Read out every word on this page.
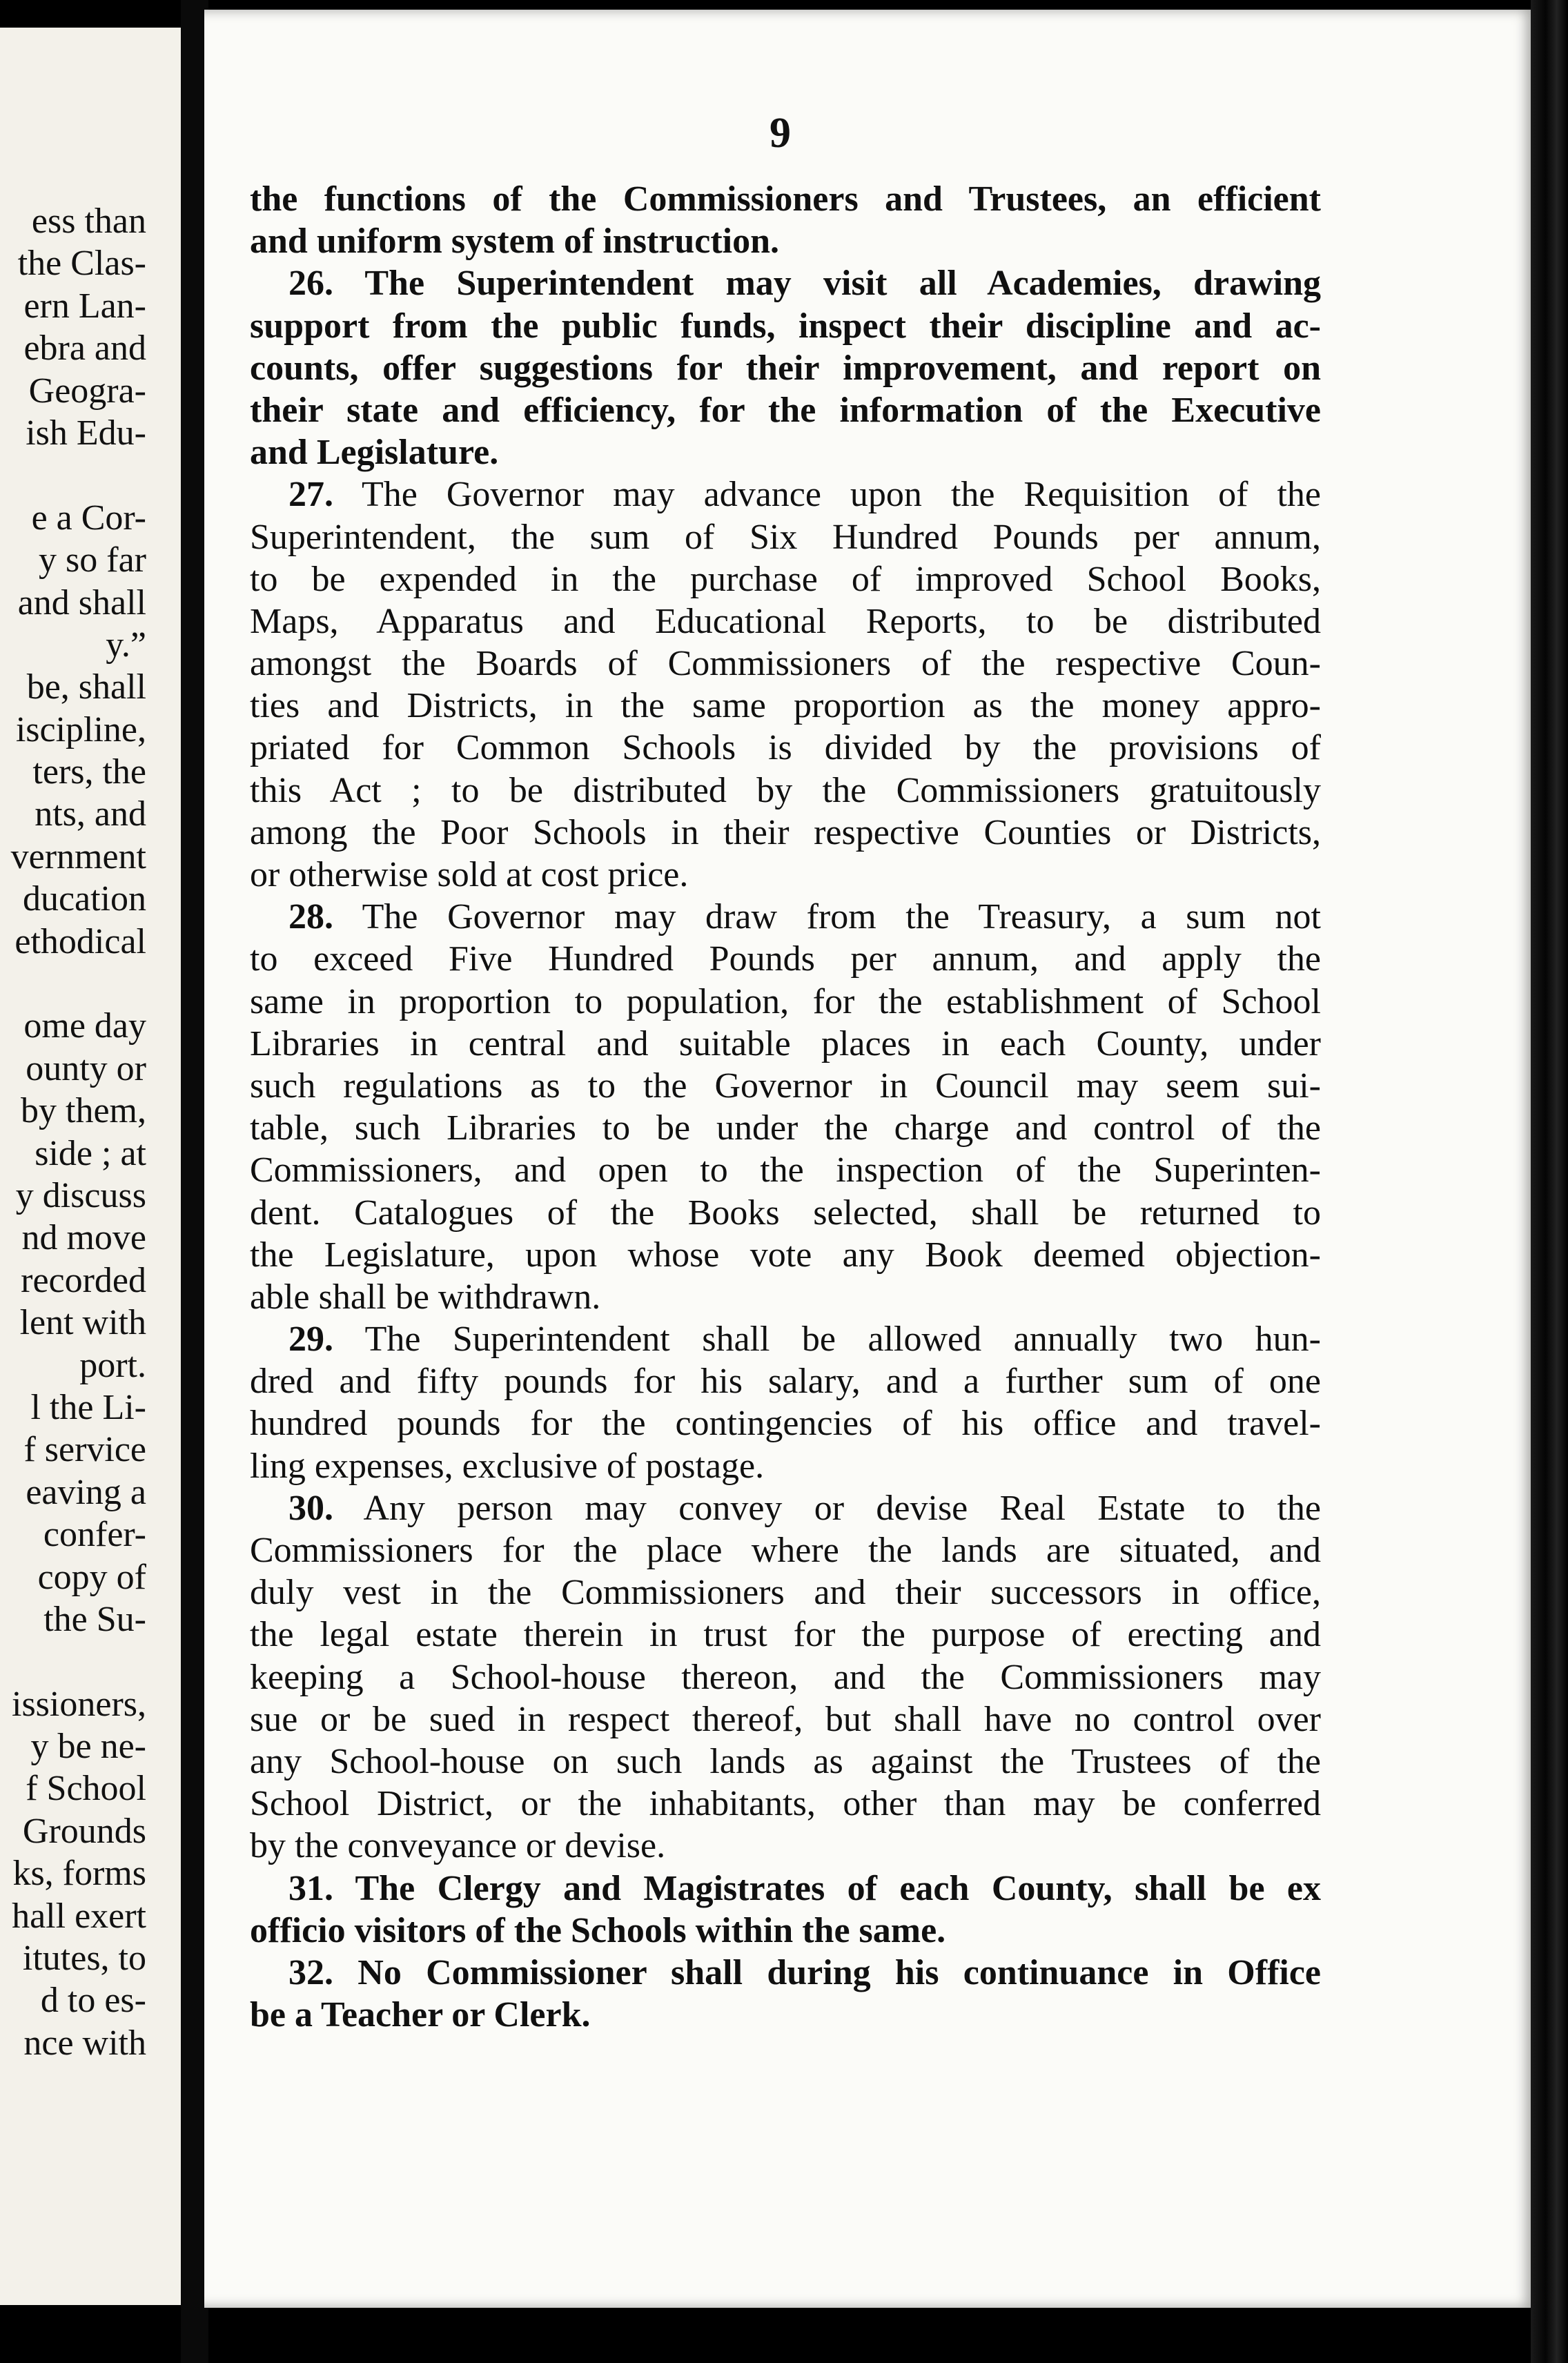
ess than
the Clas-
ern Lan-
ebra and
Geogra-
ish Edu-
e a Cor-
y so far
and shall
y.”
be, shall
iscipline,
ters, the
nts, and
vernment
ducation
ethodical
ome day
ounty or
by them,
side ; at
y discuss
nd move
recorded
lent with
port.
l the Li-
f service
eaving a
confer-
copy of
the Su-
issioners,
y be ne-
f School
Grounds
ks, forms
hall exert
itutes, to
d to es-
nce with
9
the functions of the Commissioners and Trustees, an efficient
and uniform system of instruction.
26. The Superintendent may visit all Academies, drawing
support from the public funds, inspect their discipline and ac-
counts, offer suggestions for their improvement, and report on
their state and efficiency, for the information of the Executive
and Legislature.
27. The Governor may advance upon the Requisition of the
Superintendent, the sum of Six Hundred Pounds per annum,
to be expended in the purchase of improved School Books,
Maps, Apparatus and Educational Reports, to be distributed
amongst the Boards of Commissioners of the respective Coun-
ties and Districts, in the same proportion as the money appro-
priated for Common Schools is divided by the provisions of
this Act ; to be distributed by the Commissioners gratuitously
among the Poor Schools in their respective Counties or Districts,
or otherwise sold at cost price.
28. The Governor may draw from the Treasury, a sum not
to exceed Five Hundred Pounds per annum, and apply the
same in proportion to population, for the establishment of School
Libraries in central and suitable places in each County, under
such regulations as to the Governor in Council may seem sui-
table, such Libraries to be under the charge and control of the
Commissioners, and open to the inspection of the Superinten-
dent. Catalogues of the Books selected, shall be returned to
the Legislature, upon whose vote any Book deemed objection-
able shall be withdrawn.
29. The Superintendent shall be allowed annually two hun-
dred and fifty pounds for his salary, and a further sum of one
hundred pounds for the contingencies of his office and travel-
ling expenses, exclusive of postage.
30. Any person may convey or devise Real Estate to the
Commissioners for the place where the lands are situated, and
duly vest in the Commissioners and their successors in office,
the legal estate therein in trust for the purpose of erecting and
keeping a School-house thereon, and the Commissioners may
sue or be sued in respect thereof, but shall have no control over
any School-house on such lands as against the Trustees of the
School District, or the inhabitants, other than may be conferred
by the conveyance or devise.
31. The Clergy and Magistrates of each County, shall be ex
officio visitors of the Schools within the same.
32. No Commissioner shall during his continuance in Office
be a Teacher or Clerk.
